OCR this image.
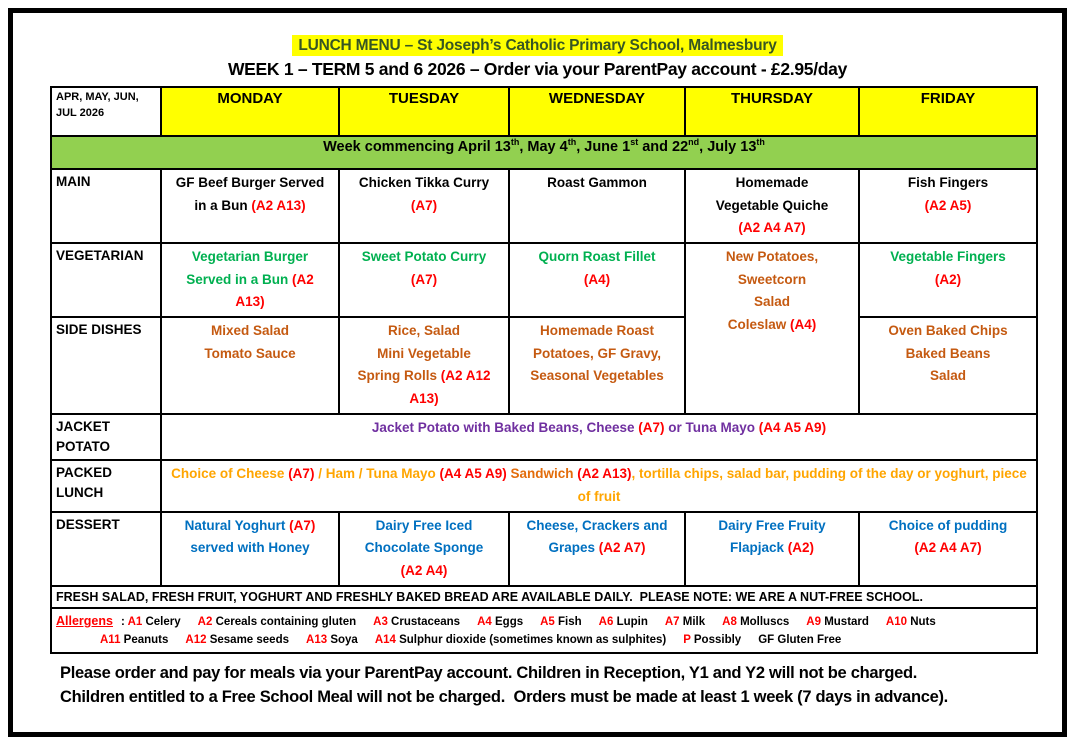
LUNCH MENU – St Joseph’s Catholic Primary School, Malmesbury
WEEK 1 – TERM 5 and 6 2026 – Order via your ParentPay account - £2.95/day
APR, MAY, JUN, JUL 2026	MONDAY	TUESDAY	WEDNESDAY	THURSDAY	FRIDAY
Week commencing April 13th, May 4th, June 1st and 22nd, July 13th
MAIN	GF Beef Burger Served
in a Bun (A2 A13)	Chicken Tikka Curry
(A7)	Roast Gammon	Homemade
Vegetable Quiche
(A2 A4 A7)	Fish Fingers
(A2 A5)
VEGETARIAN	Vegetarian Burger
Served in a Bun (A2
A13)	Sweet Potato Curry
(A7)	Quorn Roast Fillet
(A4)	New Potatoes,
Sweetcorn
Salad
Coleslaw (A4)	Vegetable Fingers
(A2)
SIDE DISHES	Mixed Salad
Tomato Sauce	Rice, Salad
Mini Vegetable
Spring Rolls (A2 A12
A13)	Homemade Roast
Potatoes, GF Gravy,
Seasonal Vegetables		Oven Baked Chips
Baked Beans
Salad
JACKET POTATO	Jacket Potato with Baked Beans, Cheese (A7) or Tuna Mayo (A4 A5 A9)				
PACKED LUNCH	Choice of Cheese (A7) / Ham / Tuna Mayo (A4 A5 A9) Sandwich (A2 A13), tortilla chips, salad bar, pudding of the day or yoghurt, piece of fruit				
DESSERT	Natural Yoghurt (A7)
served with Honey	Dairy Free Iced
Chocolate Sponge
(A2 A4)	Cheese, Crackers and
Grapes (A2 A7)	Dairy Free Fruity
Flapjack (A2)	Choice of pudding
(A2 A4 A7)
FRESH SALAD, FRESH FRUIT, YOGHURT AND FRESHLY BAKED BREAD ARE AVAILABLE DAILY.  PLEASE NOTE: WE ARE A NUT-FREE SCHOOL.					

Allergens : A1 Celery A2 Cereals containing gluten A3 Crustaceans A4 Eggs A5 Fish A6 Lupin A7 Milk A8 Molluscs A9 Mustard A10 Nuts
A11 Peanuts A12 Sesame seeds A13 Soya A14 Sulphur dioxide (sometimes known as sulphites) P Possibly GF Gluten Free					
Please order and pay for meals via your ParentPay account. Children in Reception, Y1 and Y2 will not be charged.
Children entitled to a Free School Meal will not be charged.  Orders must be made at least 1 week (7 days in advance).
